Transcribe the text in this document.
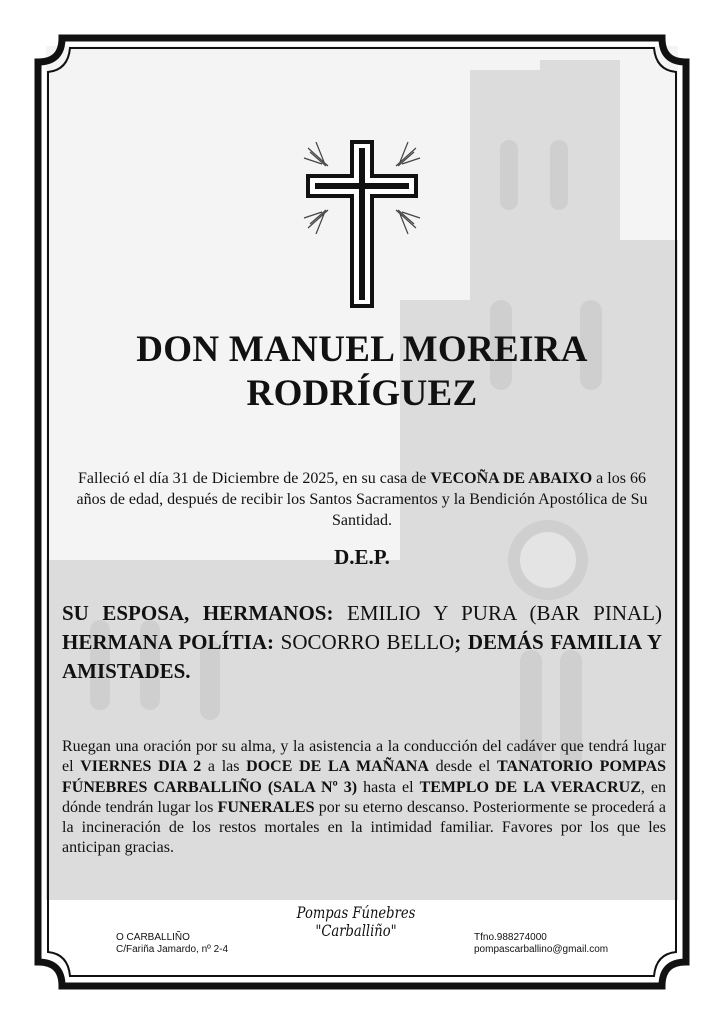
DON MANUEL MOREIRA
RODRÍGUEZ
Falleció el día 31 de Diciembre de 2025, en su casa de VECOÑA DE ABAIXO a los 66 años de edad, después de recibir los Santos Sacramentos y la Bendición Apostólica de Su Santidad.
D.E.P.
SU ESPOSA, HERMANOS: EMILIO Y PURA (BAR PINAL) HERMANA POLÍTIA: SOCORRO BELLO; DEMÁS FAMILIA Y AMISTADES.
Ruegan una oración por su alma, y la asistencia a la conducción del cadáver que tendrá lugar el VIERNES DIA 2 a las DOCE DE LA MAÑANA desde el TANATORIO POMPAS FÚNEBRES CARBALLIÑO (SALA Nº 3) hasta el TEMPLO DE LA VERACRUZ, en dónde tendrán lugar los FUNERALES por su eterno descanso. Posteriormente se procederá a la incineración de los restos mortales en la intimidad familiar. Favores por los que les anticipan gracias.
O CARBALLIÑO
C/Fariña Jamardo, nº 2-4
Pompas Fúnebres
"Carballiño"	Tfno.988274000
pompascarballino@gmail.com
